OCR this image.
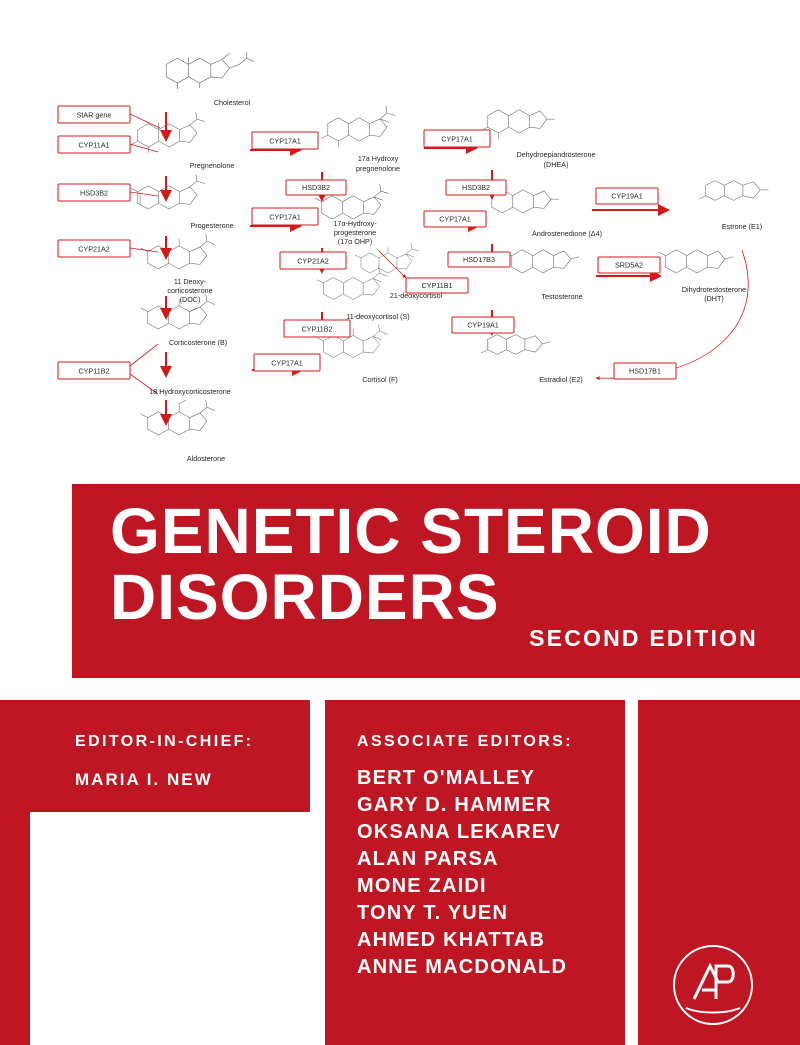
StAR gene
CYP11A1
HSD3B2
CYP21A2
CYP11B2
CYP17A1
HSD3B2
CYP17A1
CYP21A2
CYP11B2
CYP17A1
CYP17A1
HSD3B2
CYP17A1
HSD17B3
CYP11B1
CYP19A1
CYP19A1
SRD5A2
HSD17B1
Cholesterol
Pregnenolone
Progesterone
11 Deoxy-
corticosterone
(DOC)
Corticosterone (B)
18 Hydroxycorticosterone
Aldosterone
17a Hydroxy
pregnenolone
17α-Hydroxy-
progesterone
(17α OHP)
21-deoxycortisol
11-deoxycortisol (S)
Cortisol (F)
Dehydroepiandrosterone
(DHEA)
Androstenedione (Δ4)
Testosterone
Estrone (E1)
Dihydrotestosterone
(DHT)
Estradiol (E2)
GENETIC STEROID
DISORDERS
SECOND EDITION
EDITOR-IN-CHIEF:
MARIA I. NEW
ASSOCIATE EDITORS:
BERT O'MALLEY
GARY D. HAMMER
OKSANA LEKAREV
ALAN PARSA
MONE ZAIDI
TONY T. YUEN
AHMED KHATTAB
ANNE MACDONALD
